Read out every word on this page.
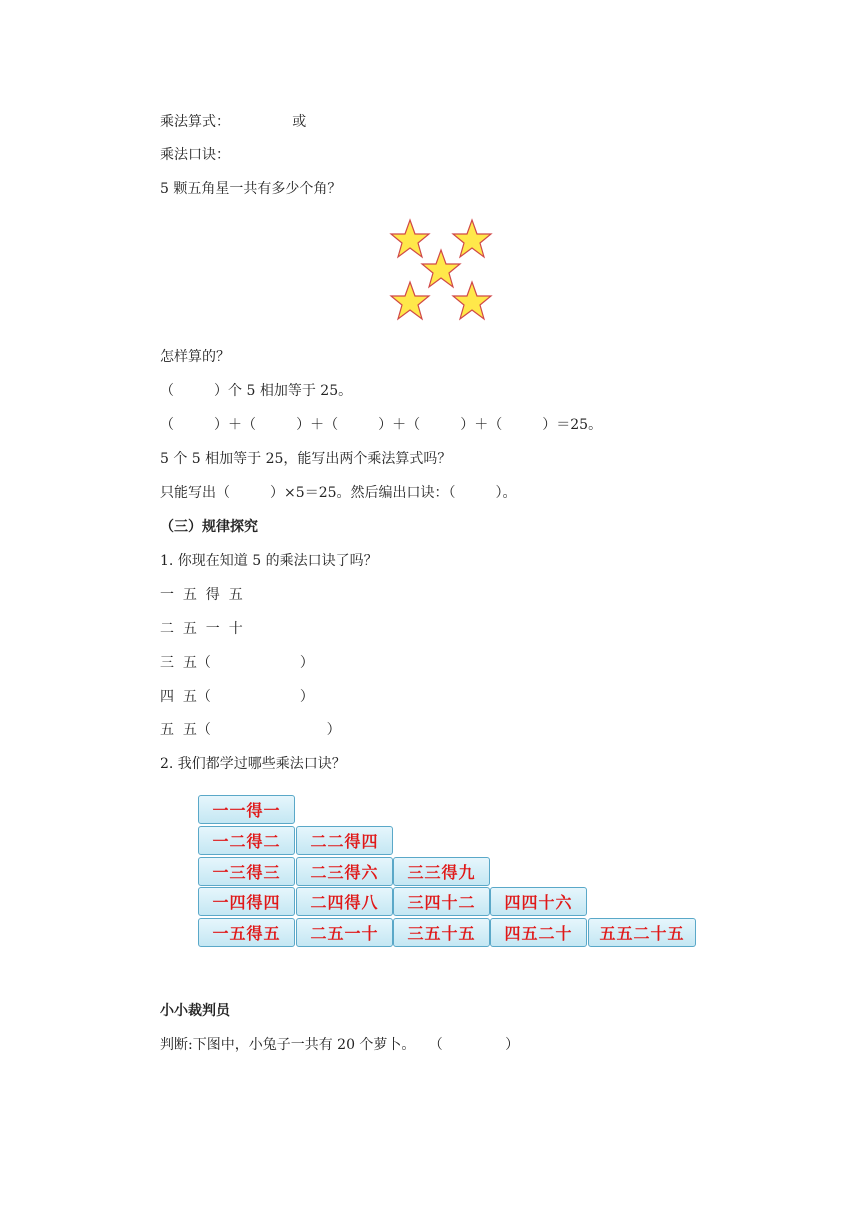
乘法算式：              或
乘法口诀：
5 颗五角星一共有多少个角？
怎样算的？
（         ）个 5 相加等于 25。
（         ）＋（         ）＋（         ）＋（         ）＋（         ）＝25。
5 个 5 相加等于 25，能写出两个乘法算式吗？
只能写出（         ）×5＝25。然后编出口诀：（         ）。
（三）规律探究
1. 你现在知道 5 的乘法口诀了吗？
一  五  得  五
二  五  一  十
三  五（                    ）
四  五（                    ）
五  五（                          ）
2. 我们都学过哪些乘法口诀？
一一得一
一二得二	二二得四
一三得三	二三得六	三三得九
一四得四	二四得八	三四十二	四四十六
一五得五	二五一十	三五十五	四五二十	五五二十五
小小裁判员
判断:下图中，小兔子一共有 20 个萝卜。   （              ）
